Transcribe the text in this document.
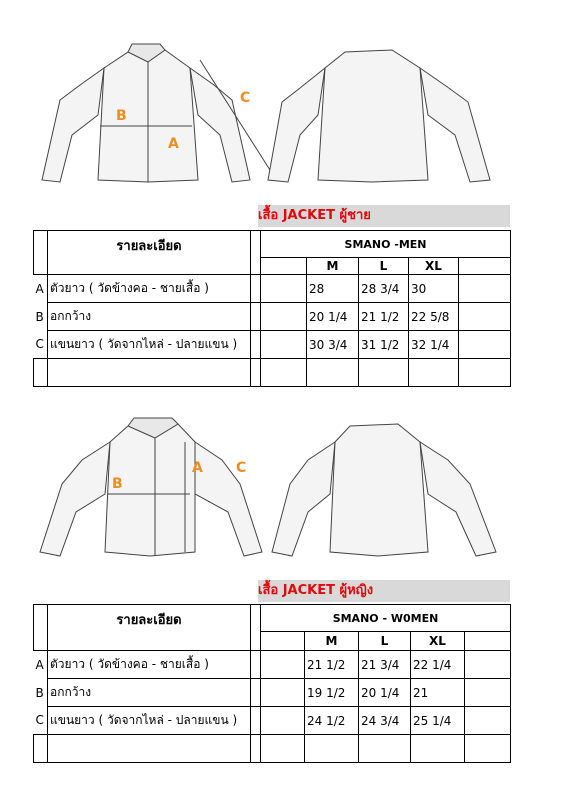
B
A
C
เสื้อ JACKET ผู้ชาย
	รายละเอียด		SMANO -MEN				
				M	L	XL	
A	ตัวยาว ( วัดข้างคอ - ชายเสื้อ )			28	28 3/4	30	
B	อกกว้าง			20 1/4	21 1/2	22 5/8	
C	แขนยาว ( วัดจากไหล่ - ปลายแขน )			30 3/4	31 1/2	32 1/4	

B
A C
เสื้อ JACKET ผู้หญิง
	รายละเอียด		SMANO - W0MEN				
				M	L	XL	
A	ตัวยาว ( วัดข้างคอ - ชายเสื้อ )			21 1/2	21 3/4	22 1/4	
B	อกกว้าง			19 1/2	20 1/4	21	
C	แขนยาว ( วัดจากไหล่ - ปลายแขน )			24 1/2	24 3/4	25 1/4	
